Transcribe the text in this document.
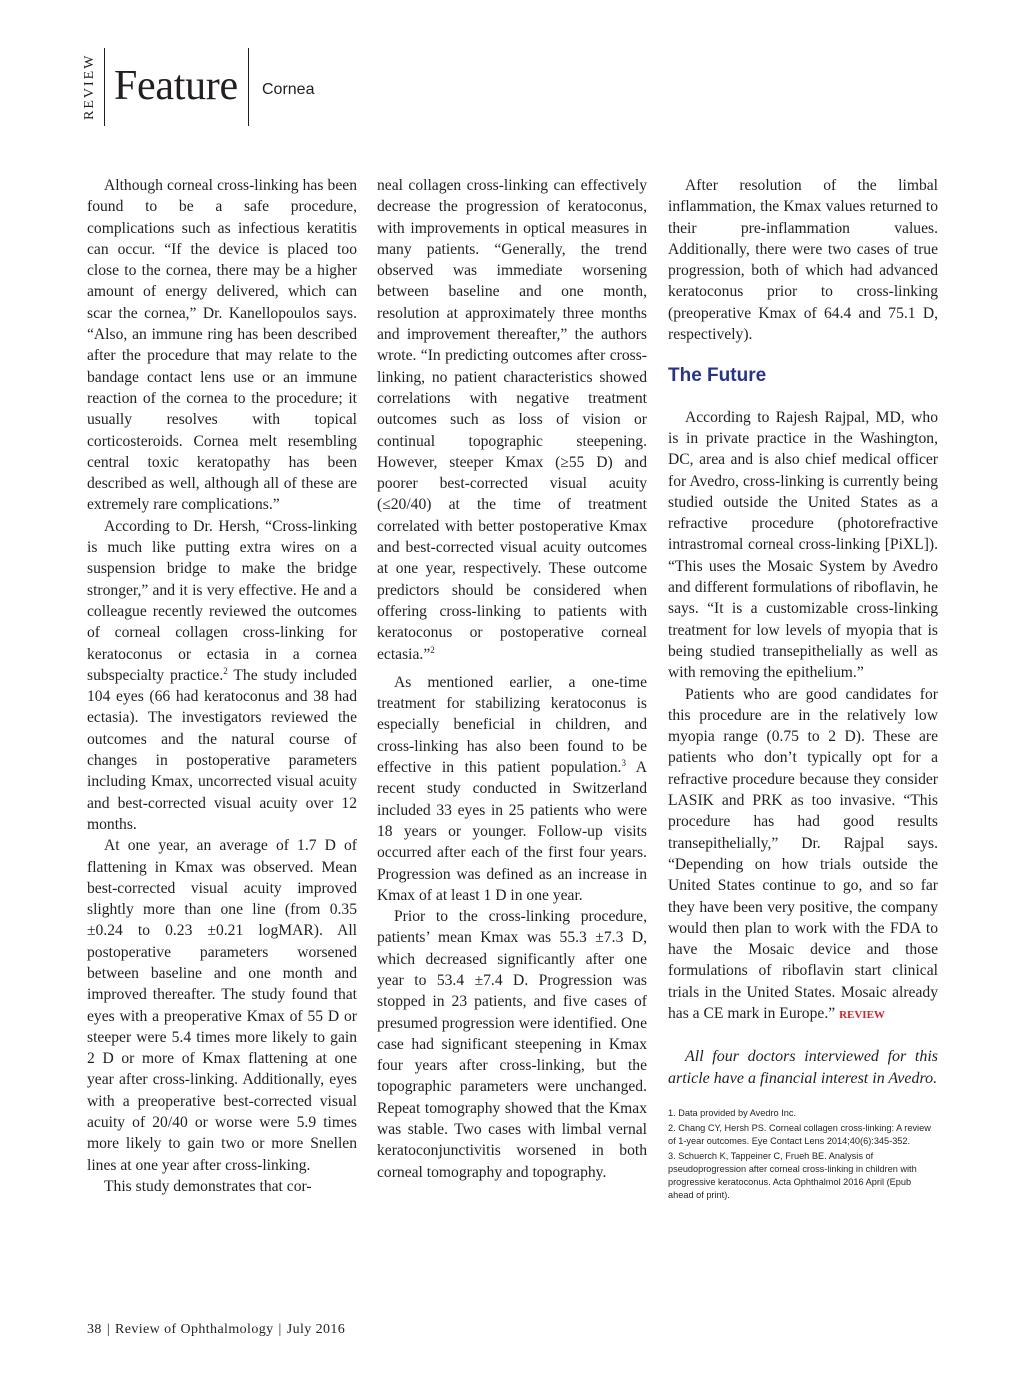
REVIEW Feature Cornea

Although corneal cross-linking has been found to be a safe procedure, complications such as infectious keratitis can occur. “If the device is placed too close to the cornea, there may be a higher amount of energy delivered, which can scar the cornea,” Dr. Kanellopoulos says. “Also, an immune ring has been described after the procedure that may relate to the bandage contact lens use or an immune reaction of the cornea to the procedure; it usually resolves with topical corticosteroids. Cornea melt resembling central toxic keratopathy has been described as well, although all of these are extremely rare complications.”

According to Dr. Hersh, “Cross-linking is much like putting extra wires on a suspension bridge to make the bridge stronger,” and it is very effective. He and a colleague recently reviewed the outcomes of corneal collagen cross-linking for keratoconus or ectasia in a cornea subspecialty practice.$^2$ The study included 104 eyes (66 had keratoconus and 38 had ectasia). The investigators reviewed the outcomes and the natural course of changes in postoperative parameters including Kmax, uncorrected visual acuity and best-corrected visual acuity over 12 months.

At one year, an average of 1.7 D of flattening in Kmax was observed. Mean best-corrected visual acuity improved slightly more than one line (from 0.35 ±0.24 to 0.23 ±0.21 logMAR). All postoperative parameters worsened between baseline and one month and improved thereafter. The study found that eyes with a preoperative Kmax of 55 D or steeper were 5.4 times more likely to gain 2 D or more of Kmax flattening at one year after cross-linking. Additionally, eyes with a preoperative best-corrected visual acuity of 20/40 or worse were 5.9 times more likely to gain two or more Snellen lines at one year after cross-linking.

This study demonstrates that cor-

neal collagen cross-linking can effectively decrease the progression of keratoconus, with improvements in optical measures in many patients. “Generally, the trend observed was immediate worsening between baseline and one month, resolution at approximately three months and improvement thereafter,” the authors wrote. “In predicting outcomes after cross-linking, no patient characteristics showed correlations with negative treatment outcomes such as loss of vision or continual topographic steepening. However, steeper Kmax (≥55 D) and poorer best-corrected visual acuity (≤20/40) at the time of treatment correlated with better postoperative Kmax and best-corrected visual acuity outcomes at one year, respectively. These outcome predictors should be considered when offering cross-linking to patients with keratoconus or postoperative corneal ectasia.”$^2$

As mentioned earlier, a one-time treatment for stabilizing keratoconus is especially beneficial in children, and cross-linking has also been found to be effective in this patient population.$^3$ A recent study conducted in Switzerland included 33 eyes in 25 patients who were 18 years or younger. Follow-up visits occurred after each of the first four years. Progression was defined as an increase in Kmax of at least 1 D in one year.

Prior to the cross-linking procedure, patients’ mean Kmax was 55.3 ±7.3 D, which decreased significantly after one year to 53.4 ±7.4 D. Progression was stopped in 23 patients, and five cases of presumed progression were identified. One case had significant steepening in Kmax four years after cross-linking, but the topographic parameters were unchanged. Repeat tomography showed that the Kmax was stable. Two cases with limbal vernal keratoconjunctivitis worsened in both corneal tomography and topography.

After resolution of the limbal inflammation, the Kmax values returned to their pre-inflammation values. Additionally, there were two cases of true progression, both of which had advanced keratoconus prior to cross-linking (preoperative Kmax of 64.4 and 75.1 D, respectively).

The Future

According to Rajesh Rajpal, MD, who is in private practice in the Washington, DC, area and is also chief medical officer for Avedro, cross-linking is currently being studied outside the United States as a refractive procedure (photorefractive intrastromal corneal cross-linking [PiXL]). “This uses the Mosaic System by Avedro and different formulations of riboflavin, he says. “It is a customizable cross-linking treatment for low levels of myopia that is being studied transepithelially as well as with removing the epithelium.”

Patients who are good candidates for this procedure are in the relatively low myopia range (0.75 to 2 D). These are patients who don’t typically opt for a refractive procedure because they consider LASIK and PRK as too invasive. “This procedure has had good results transepithelially,” Dr. Rajpal says. “Depending on how trials outside the United States continue to go, and so far they have been very positive, the company would then plan to work with the FDA to have the Mosaic device and those formulations of riboflavin start clinical trials in the United States. Mosaic already has a CE mark in Europe.” REVIEW

All four doctors interviewed for this article have a financial interest in Avedro.

1. Data provided by Avedro Inc.
2. Chang CY, Hersh PS. Corneal collagen cross-linking: A review of 1-year outcomes. Eye Contact Lens 2014;40(6):345-352.
3. Schuerch K, Tappeiner C, Frueh BE. Analysis of pseudoprogression after corneal cross-linking in children with progressive keratoconus. Acta Ophthalmol 2016 April (Epub ahead of print).
38 | Review of Ophthalmology | July 2016
